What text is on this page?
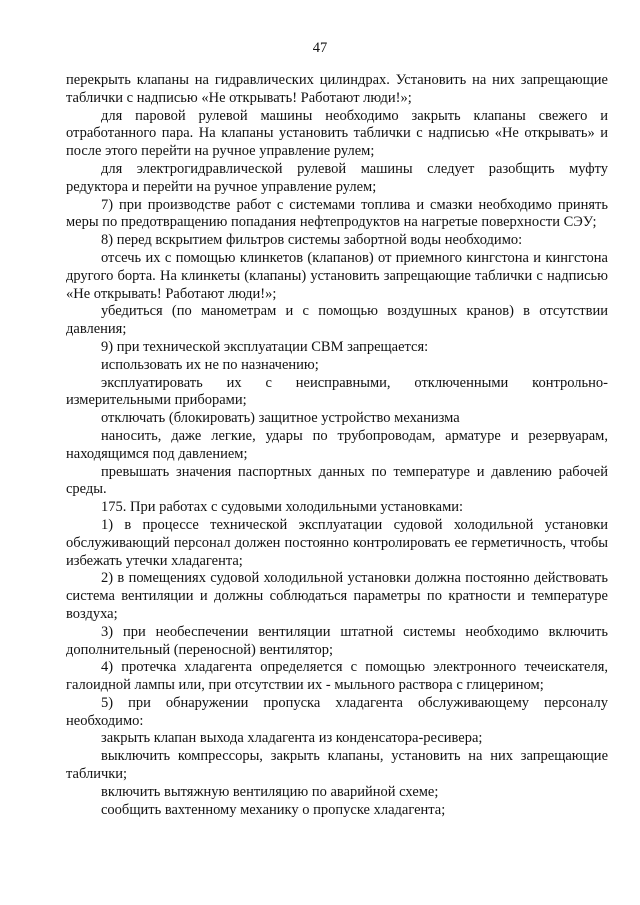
47

перекрыть клапаны на гидравлических цилиндрах. Установить на них запрещающие таблички с надписью «Не открывать! Работают люди!»;

для паровой рулевой машины необходимо закрыть клапаны свежего и отработанного пара. На клапаны установить таблички с надписью «Не открывать» и после этого перейти на ручное управление рулем;

для электрогидравлической рулевой машины следует разобщить муфту редуктора и перейти на ручное управление рулем;

7) при производстве работ с системами топлива и смазки необходимо принять меры по предотвращению попадания нефтепродуктов на нагретые поверхности СЭУ;

8) перед вскрытием фильтров системы забортной воды необходимо:

отсечь их с помощью клинкетов (клапанов) от приемного кингстона и кингстона другого борта. На клинкеты (клапаны) установить запрещающие таблички с надписью «Не открывать! Работают люди!»;

убедиться (по манометрам и с помощью воздушных кранов) в отсутствии давления;

9) при технической эксплуатации СВМ запрещается:

использовать их не по назначению;

эксплуатировать их с неисправными, отключенными контрольно-измерительными приборами;

отключать (блокировать) защитное устройство механизма

наносить, даже легкие, удары по трубопроводам, арматуре и резервуарам, находящимся под давлением;

превышать значения паспортных данных по температуре и давлению рабочей среды.

175. При работах с судовыми холодильными установками:

1) в процессе технической эксплуатации судовой холодильной установки обслуживающий персонал должен постоянно контролировать ее герметичность, чтобы избежать утечки хладагента;

2) в помещениях судовой холодильной установки должна постоянно действовать система вентиляции и должны соблюдаться параметры по кратности и температуре воздуха;

3) при необеспечении вентиляции штатной системы необходимо включить дополнительный (переносной) вентилятор;

4) протечка хладагента определяется с помощью электронного течеискателя, галоидной лампы или, при отсутствии их - мыльного раствора с глицерином;

5) при обнаружении пропуска хладагента обслуживающему персоналу необходимо:

закрыть клапан выхода хладагента из конденсатора-ресивера;

выключить компрессоры, закрыть клапаны, установить на них запрещающие таблички;

включить вытяжную вентиляцию по аварийной схеме;

сообщить вахтенному механику о пропуске хладагента;
